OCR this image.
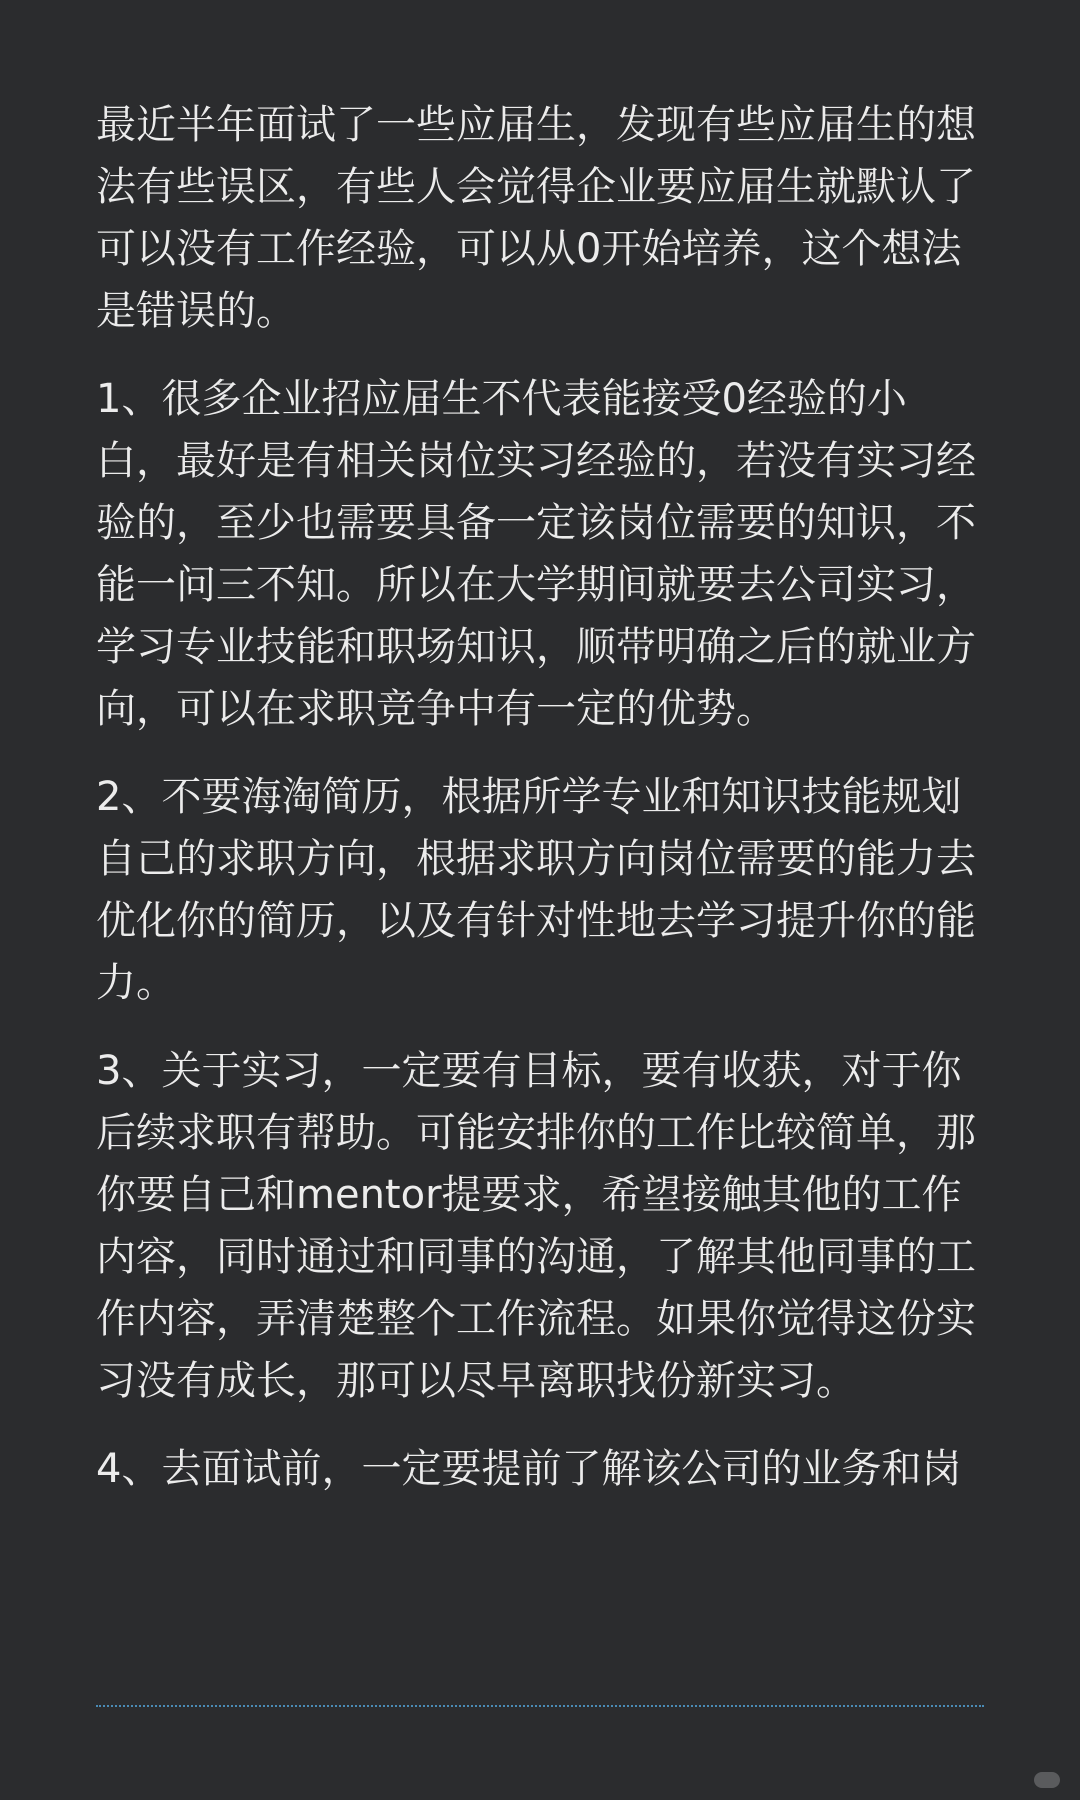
最近半年面试了一些应届生，发现有些应届生的想
法有些误区，有些人会觉得企业要应届生就默认了
可以没有工作经验，可以从0开始培养，这个想法
是错误的。

1、很多企业招应届生不代表能接受0经验的小
白，最好是有相关岗位实习经验的，若没有实习经
验的，至少也需要具备一定该岗位需要的知识，不
能一问三不知。所以在大学期间就要去公司实习，
学习专业技能和职场知识，顺带明确之后的就业方
向，可以在求职竞争中有一定的优势。

2、不要海淘简历，根据所学专业和知识技能规划
自己的求职方向，根据求职方向岗位需要的能力去
优化你的简历，以及有针对性地去学习提升你的能
力。

3、关于实习，一定要有目标，要有收获，对于你
后续求职有帮助。可能安排你的工作比较简单，那
你要自己和mentor提要求，希望接触其他的工作
内容，同时通过和同事的沟通，了解其他同事的工
作内容，弄清楚整个工作流程。如果你觉得这份实
习没有成长，那可以尽早离职找份新实习。

4、去面试前，一定要提前了解该公司的业务和岗
